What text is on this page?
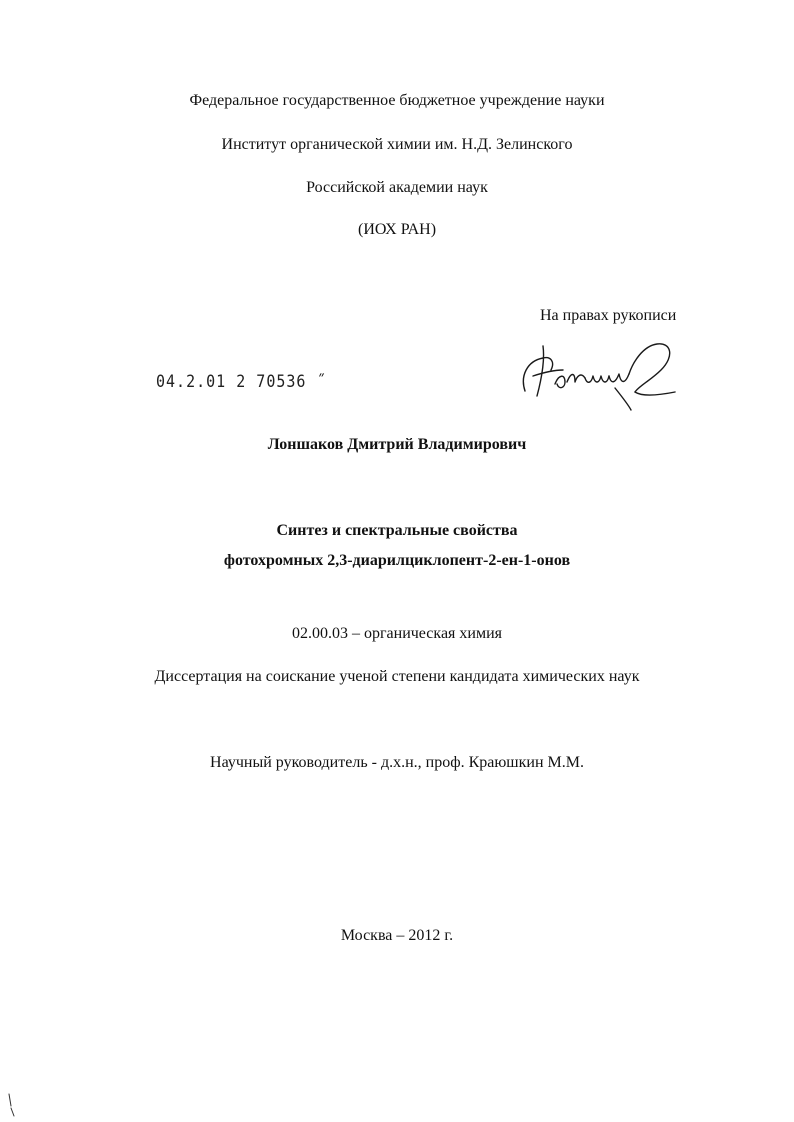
Федеральное государственное бюджетное учреждение науки
Институт органической химии им. Н.Д. Зелинского
Российской академии наук
(ИОХ РАН)
На правах рукописи
04.2.01 2 70536 ˝
Лоншаков Дмитрий Владимирович
Синтез и спектральные свойства
фотохромных 2,3-диарилциклопент-2-ен-1-онов
02.00.03 – органическая химия
Диссертация на соискание ученой степени кандидата химических наук
Научный руководитель - д.х.н., проф. Краюшкин М.М.
Москва – 2012 г.
